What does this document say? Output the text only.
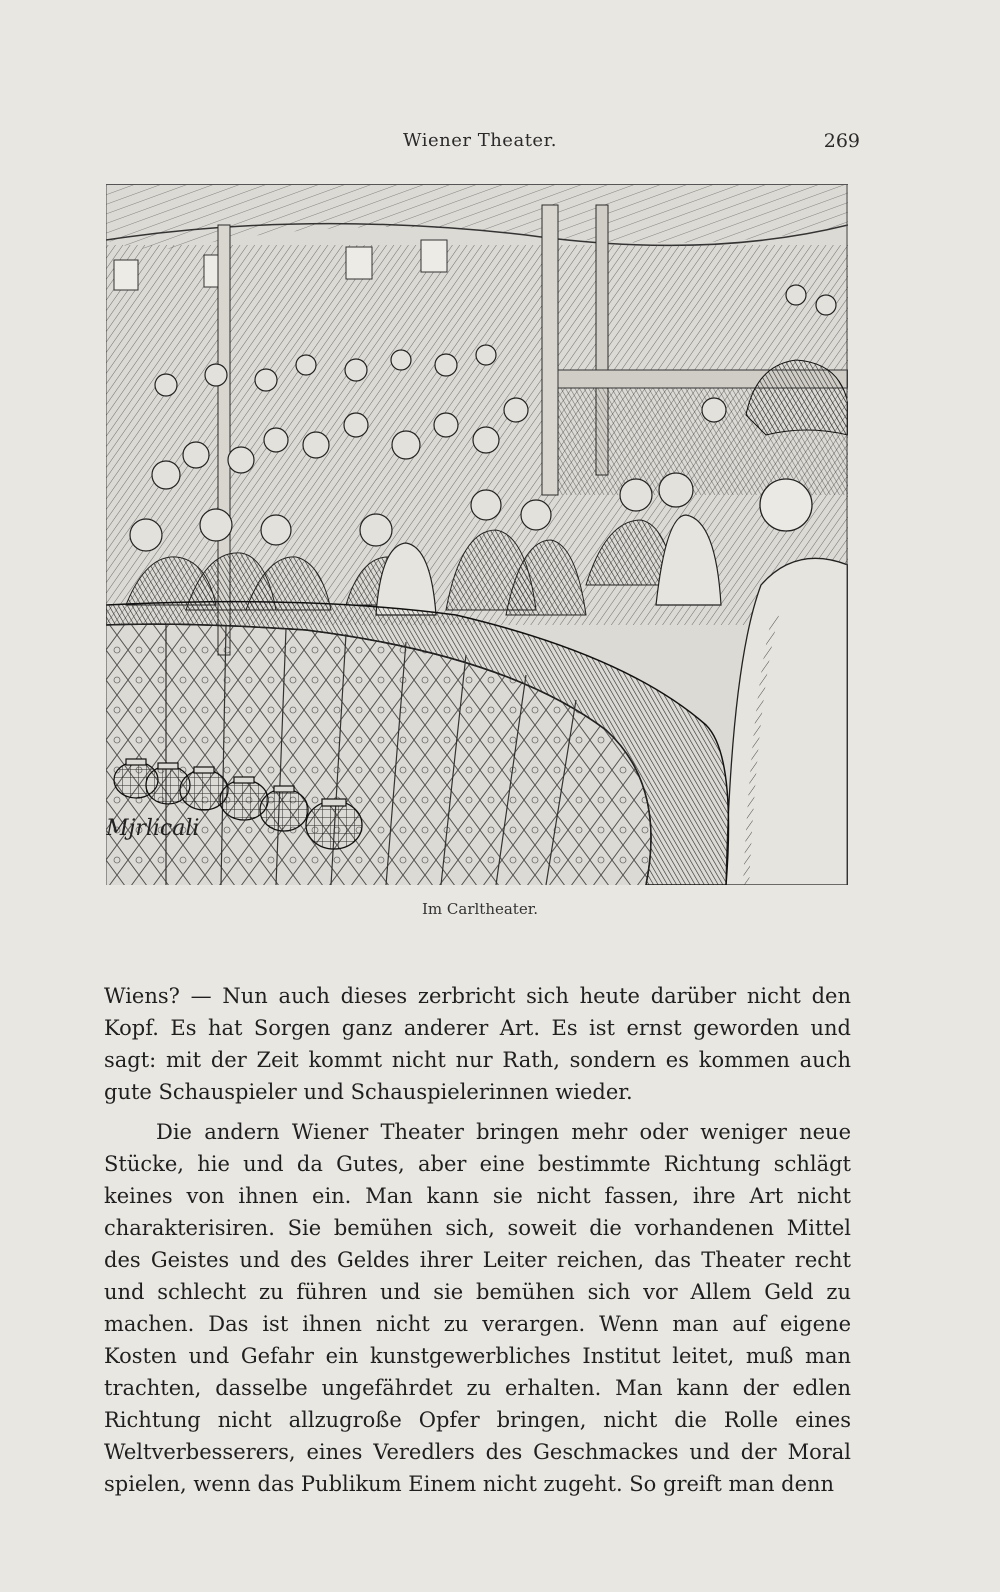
Wiener Theater.	269
Mjrlicali
Im Carltheater.

Wiens? — Nun auch dieses zerbricht sich heute darüber nicht den Kopf. Es hat Sorgen ganz anderer Art. Es ist ernst geworden und sagt: mit der Zeit kommt nicht nur Rath, sondern es kommen auch gute Schauspieler und Schauspielerinnen wieder.

Die andern Wiener Theater bringen mehr oder weniger neue Stücke, hie und da Gutes, aber eine bestimmte Richtung schlägt keines von ihnen ein. Man kann sie nicht fassen, ihre Art nicht charakterisiren. Sie bemühen sich, soweit die vorhandenen Mittel des Geistes und des Geldes ihrer Leiter reichen, das Theater recht und schlecht zu führen und sie bemühen sich vor Allem Geld zu machen. Das ist ihnen nicht zu verargen. Wenn man auf eigene Kosten und Gefahr ein kunstgewerbliches Institut leitet, muß man trachten, dasselbe ungefährdet zu erhalten. Man kann der edlen Richtung nicht allzugroße Opfer bringen, nicht die Rolle eines Weltverbesserers, eines Veredlers des Geschmackes und der Moral spielen, wenn das Publikum Einem nicht zugeht. So greift man denn
